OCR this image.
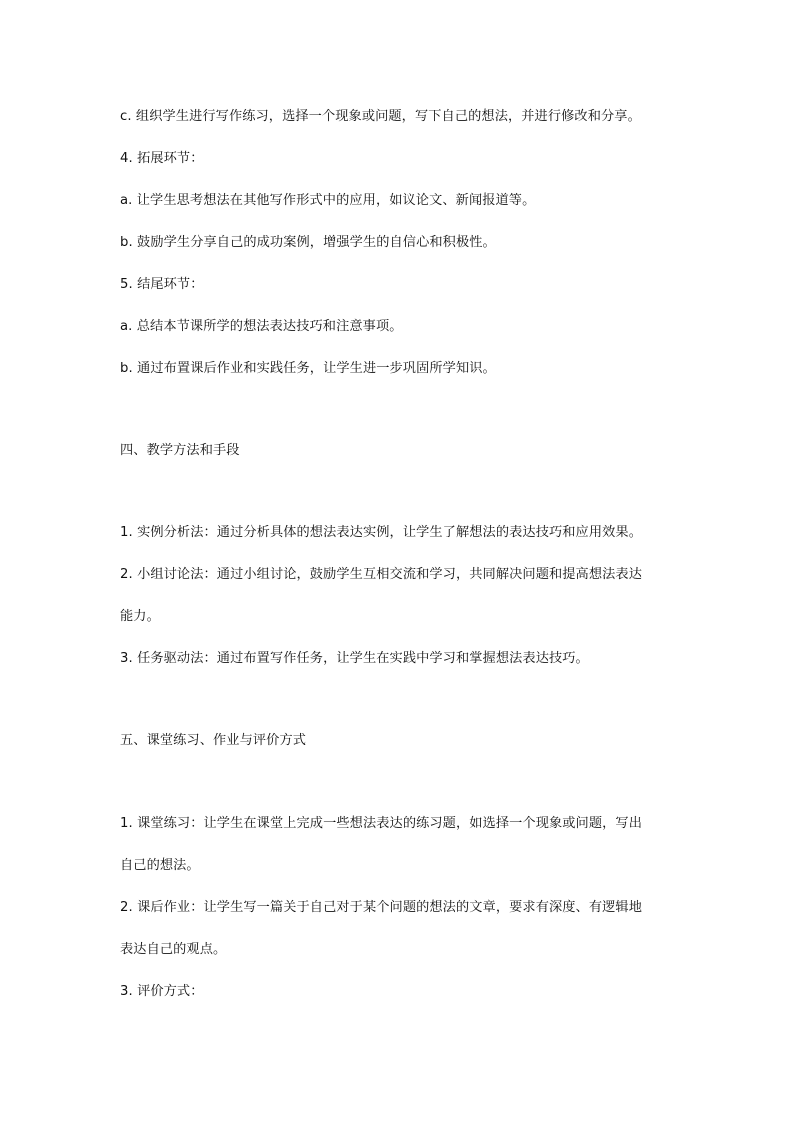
c. 组织学生进行写作练习，选择一个现象或问题，写下自己的想法，并进行修改和分享。
4. 拓展环节：
a. 让学生思考想法在其他写作形式中的应用，如议论文、新闻报道等。
b. 鼓励学生分享自己的成功案例，增强学生的自信心和积极性。
5. 结尾环节：
a. 总结本节课所学的想法表达技巧和注意事项。
b. 通过布置课后作业和实践任务，让学生进一步巩固所学知识。
四、教学方法和手段
1. 实例分析法：通过分析具体的想法表达实例，让学生了解想法的表达技巧和应用效果。
2. 小组讨论法：通过小组讨论，鼓励学生互相交流和学习，共同解决问题和提高想法表达
能力。
3. 任务驱动法：通过布置写作任务，让学生在实践中学习和掌握想法表达技巧。
五、课堂练习、作业与评价方式
1. 课堂练习：让学生在课堂上完成一些想法表达的练习题，如选择一个现象或问题，写出
自己的想法。
2. 课后作业：让学生写一篇关于自己对于某个问题的想法的文章，要求有深度、有逻辑地
表达自己的观点。
3. 评价方式：
